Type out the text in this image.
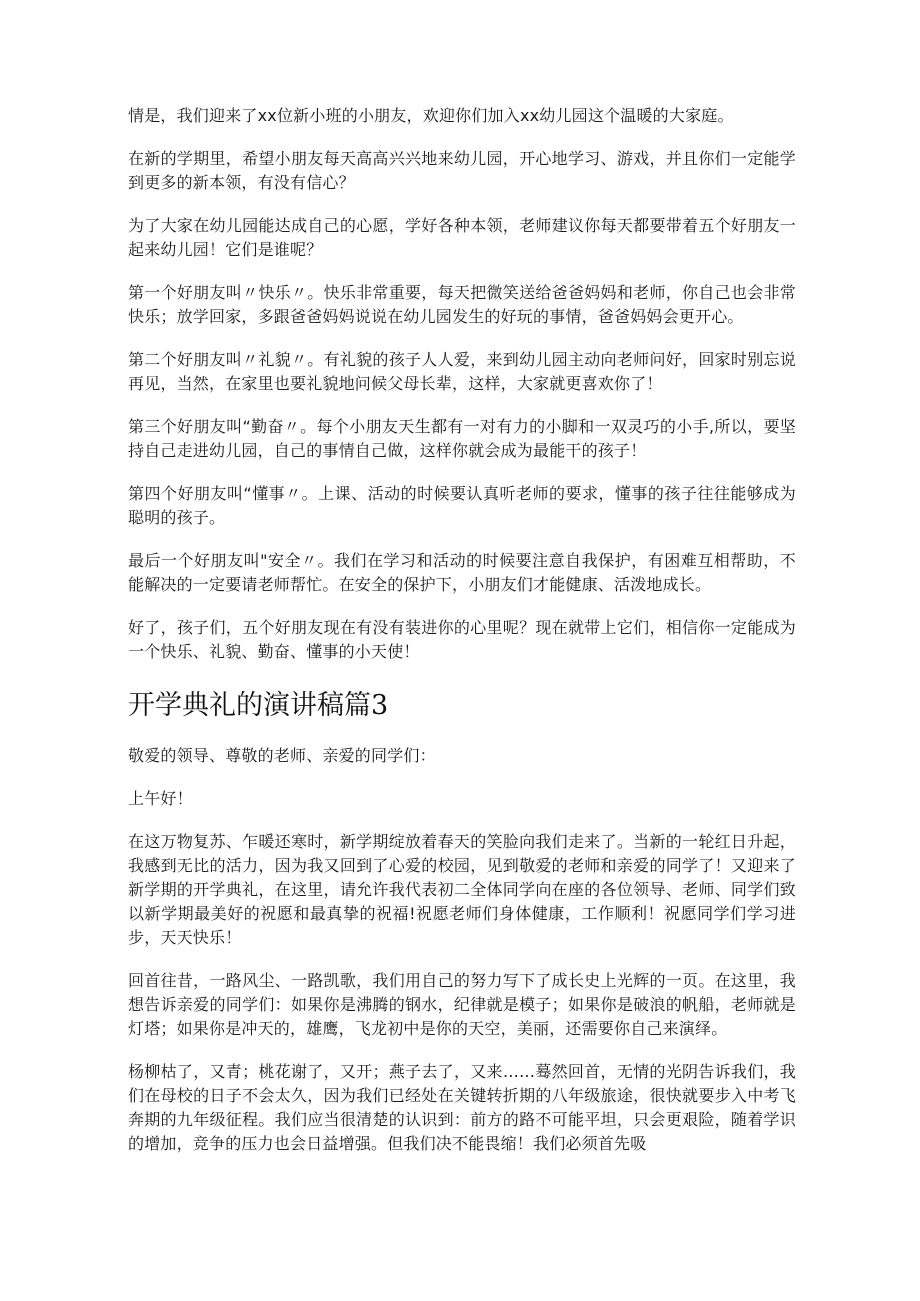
情是，我们迎来了xx位新小班的小朋友，欢迎你们加入xx幼儿园这个温暖的大家庭。

在新的学期里，希望小朋友每天高高兴兴地来幼儿园，开心地学习、游戏，并且你们一定能学到更多的新本领，有没有信心？

为了大家在幼儿园能达成自己的心愿，学好各种本领，老师建议你每天都要带着五个好朋友一起来幼儿园！它们是谁呢？

第一个好朋友叫〃快乐〃。快乐非常重要，每天把微笑送给爸爸妈妈和老师，你自己也会非常快乐；放学回家，多跟爸爸妈妈说说在幼儿园发生的好玩的事情，爸爸妈妈会更开心。

第二个好朋友叫〃礼貌〃。有礼貌的孩子人人爱，来到幼儿园主动向老师问好，回家时别忘说再见，当然，在家里也要礼貌地问候父母长辈，这样，大家就更喜欢你了！

第三个好朋友叫“勤奋〃。每个小朋友天生都有一对有力的小脚和一双灵巧的小手,所以，要坚持自己走进幼儿园，自己的事情自己做，这样你就会成为最能干的孩子！

第四个好朋友叫“懂事〃。上课、活动的时候要认真听老师的要求，懂事的孩子往往能够成为聪明的孩子。

最后一个好朋友叫"安全〃。我们在学习和活动的时候要注意自我保护，有困难互相帮助，不能解决的一定要请老师帮忙。在安全的保护下，小朋友们才能健康、活泼地成长。

好了，孩子们，五个好朋友现在有没有装进你的心里呢？现在就带上它们，相信你一定能成为一个快乐、礼貌、勤奋、懂事的小天使！

开学典礼的演讲稿篇3

敬爱的领导、尊敬的老师、亲爱的同学们：

上午好！

在这万物复苏、乍暖还寒时，新学期绽放着春天的笑脸向我们走来了。当新的一轮红日升起，我感到无比的活力，因为我又回到了心爱的校园，见到敬爱的老师和亲爱的同学了！又迎来了新学期的开学典礼，在这里，请允许我代表初二全体同学向在座的各位领导、老师、同学们致以新学期最美好的祝愿和最真挚的祝福!祝愿老师们身体健康，工作顺利！祝愿同学们学习进步，天天快乐！

回首往昔，一路风尘、一路凯歌，我们用自己的努力写下了成长史上光辉的一页。在这里，我想告诉亲爱的同学们：如果你是沸腾的钢水，纪律就是模子；如果你是破浪的帆船，老师就是灯塔；如果你是冲天的，雄鹰，飞龙初中是你的天空，美丽，还需要你自己来演绎。

杨柳枯了，又青；桃花谢了，又开；燕子去了，又来……蓦然回首，无情的光阴告诉我们，我们在母校的日子不会太久，因为我们已经处在关键转折期的八年级旅途，很快就要步入中考飞奔期的九年级征程。我们应当很清楚的认识到：前方的路不可能平坦，只会更艰险，随着学识的增加，竞争的压力也会日益增强。但我们决不能畏缩！我们必须首先吸
